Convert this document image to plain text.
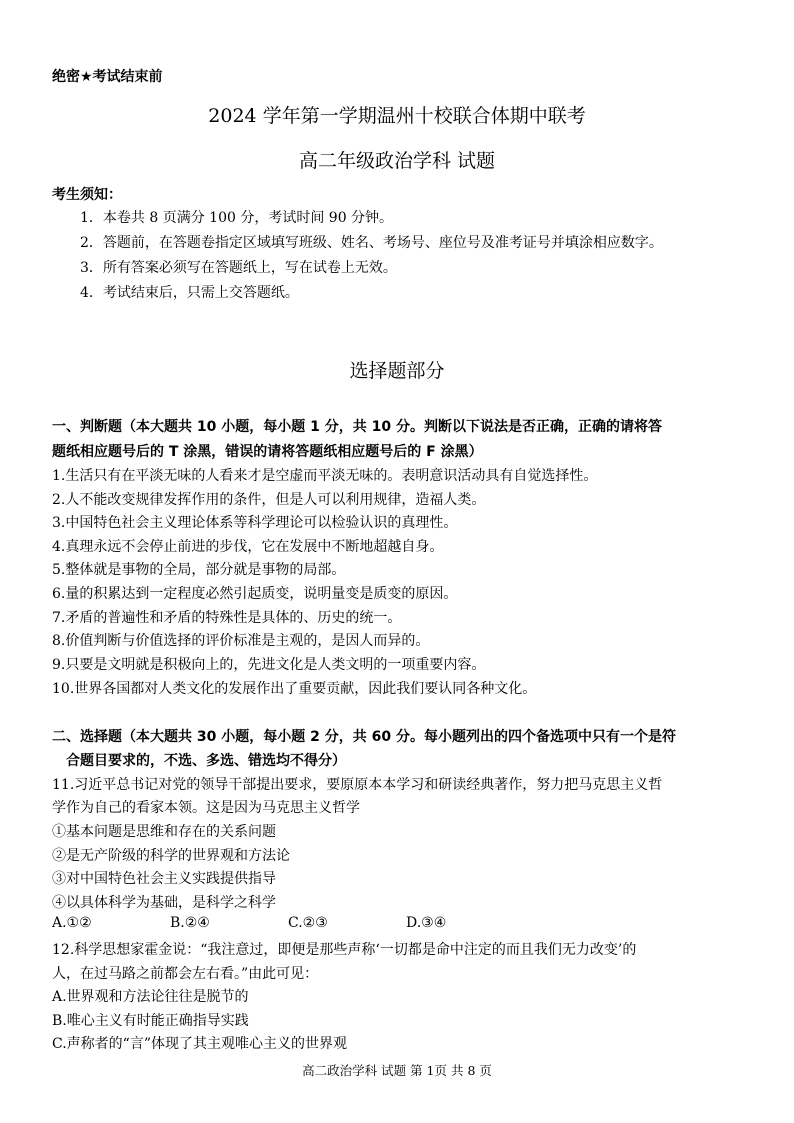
绝密★考试结束前
2024 学年第一学期温州十校联合体期中联考
高二年级政治学科 试题
考生须知：
1．本卷共 8 页满分 100 分，考试时间 90 分钟。
2．答题前，在答题卷指定区域填写班级、姓名、考场号、座位号及准考证号并填涂相应数字。
3．所有答案必须写在答题纸上，写在试卷上无效。
4．考试结束后，只需上交答题纸。
选择题部分
一、判断题（本大题共 10 小题，每小题 1 分，共 10 分。判断以下说法是否正确，正确的请将答
题纸相应题号后的 T 涂黑，错误的请将答题纸相应题号后的 F 涂黑）
1.生活只有在平淡无味的人看来才是空虚而平淡无味的。表明意识活动具有自觉选择性。
2.人不能改变规律发挥作用的条件，但是人可以利用规律，造福人类。
3.中国特色社会主义理论体系等科学理论可以检验认识的真理性。
4.真理永远不会停止前进的步伐，它在发展中不断地超越自身。
5.整体就是事物的全局，部分就是事物的局部。
6.量的积累达到一定程度必然引起质变，说明量变是质变的原因。
7.矛盾的普遍性和矛盾的特殊性是具体的、历史的统一。
8.价值判断与价值选择的评价标准是主观的，是因人而异的。
9.只要是文明就是积极向上的，先进文化是人类文明的一项重要内容。
10.世界各国都对人类文化的发展作出了重要贡献，因此我们要认同各种文化。
二、选择题（本大题共 30 小题，每小题 2 分，共 60 分。每小题列出的四个备选项中只有一个是符
合题目要求的，不选、多选、错选均不得分）
11.习近平总书记对党的领导干部提出要求，要原原本本学习和研读经典著作，努力把马克思主义哲
学作为自己的看家本领。这是因为马克思主义哲学
①基本问题是思维和存在的关系问题
②是无产阶级的科学的世界观和方法论
③对中国特色社会主义实践提供指导
④以具体科学为基础，是科学之科学
A.①②	B.②④	C.②③	D.③④
12.科学思想家霍金说：“我注意过，即便是那些声称‘一切都是命中注定的而且我们无力改变’的
人，在过马路之前都会左右看。”由此可见：
A.世界观和方法论往往是脱节的
B.唯心主义有时能正确指导实践
C.声称者的“言”体现了其主观唯心主义的世界观
高二政治学科 试题 第 1页 共 8 页
